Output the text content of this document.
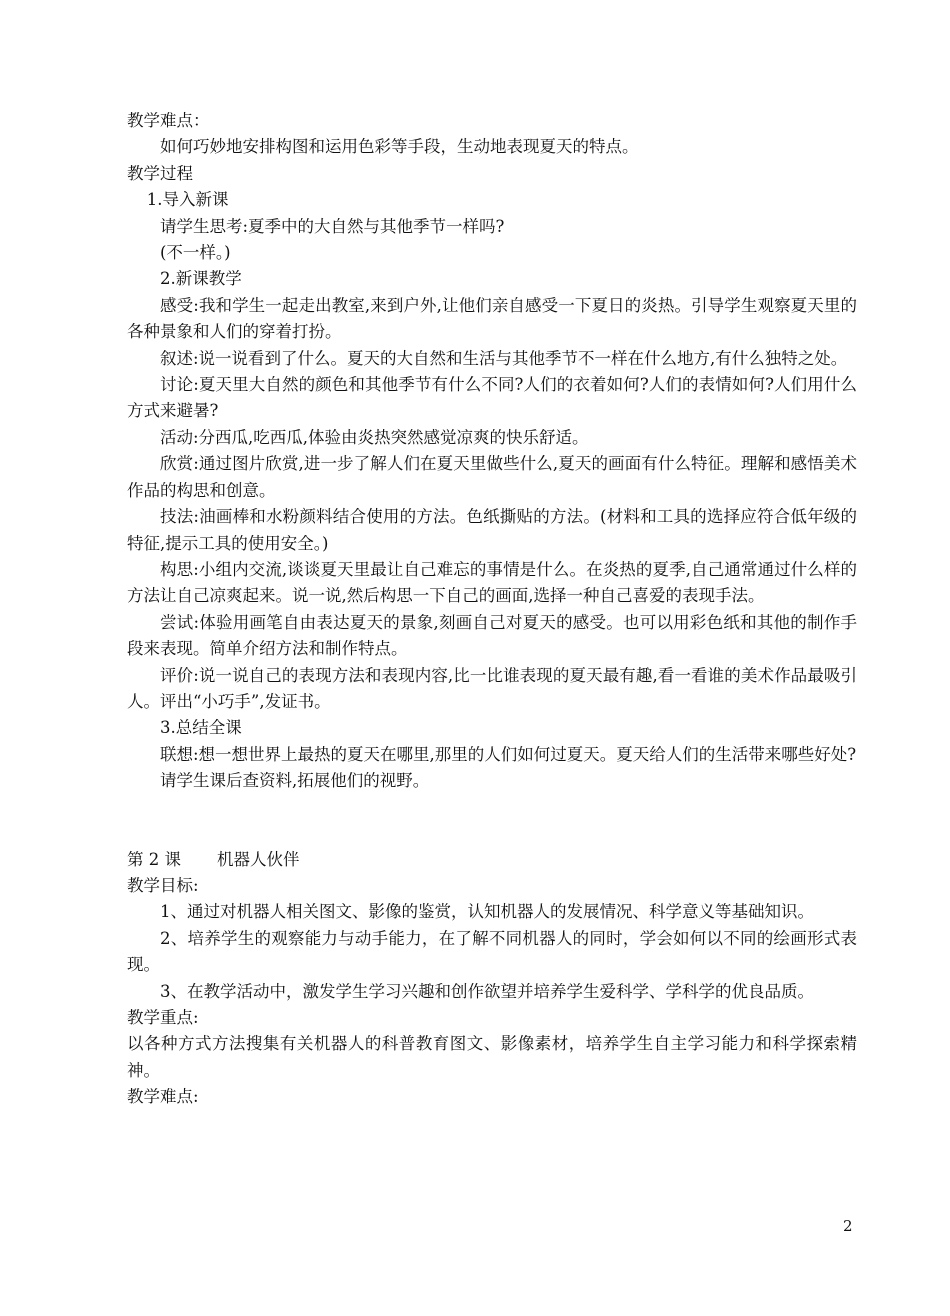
教学难点：
如何巧妙地安排构图和运用色彩等手段，生动地表现夏天的特点。
教学过程
1.导入新课
请学生思考:夏季中的大自然与其他季节一样吗?
(不一样。)
2.新课教学
感受:我和学生一起走出教室,来到户外,让他们亲自感受一下夏日的炎热。引导学生观察夏天里的各种景象和人们的穿着打扮。
叙述:说一说看到了什么。夏天的大自然和生活与其他季节不一样在什么地方,有什么独特之处。
讨论:夏天里大自然的颜色和其他季节有什么不同?人们的衣着如何?人们的表情如何?人们用什么方式来避暑?
活动:分西瓜,吃西瓜,体验由炎热突然感觉凉爽的快乐舒适。
欣赏:通过图片欣赏,进一步了解人们在夏天里做些什么,夏天的画面有什么特征。理解和感悟美术作品的构思和创意。
技法:油画棒和水粉颜料结合使用的方法。色纸撕贴的方法。(材料和工具的选择应符合低年级的特征,提示工具的使用安全。)
构思:小组内交流,谈谈夏天里最让自己难忘的事情是什么。在炎热的夏季,自己通常通过什么样的方法让自己凉爽起来。说一说,然后构思一下自己的画面,选择一种自己喜爱的表现手法。
尝试:体验用画笔自由表达夏天的景象,刻画自己对夏天的感受。也可以用彩色纸和其他的制作手段来表现。简单介绍方法和制作特点。
评价:说一说自己的表现方法和表现内容,比一比谁表现的夏天最有趣,看一看谁的美术作品最吸引人。评出“小巧手”,发证书。
3.总结全课
联想:想一想世界上最热的夏天在哪里,那里的人们如何过夏天。夏天给人们的生活带来哪些好处?
请学生课后查资料,拓展他们的视野。
第 2 课 机器人伙伴
教学目标:
1、通过对机器人相关图文、影像的鉴赏，认知机器人的发展情况、科学意义等基础知识。
2、培养学生的观察能力与动手能力，在了解不同机器人的同时，学会如何以不同的绘画形式表现。
3、在教学活动中，激发学生学习兴趣和创作欲望并培养学生爱科学、学科学的优良品质。
教学重点:
以各种方式方法搜集有关机器人的科普教育图文、影像素材，培养学生自主学习能力和科学探索精神。
教学难点:
2
